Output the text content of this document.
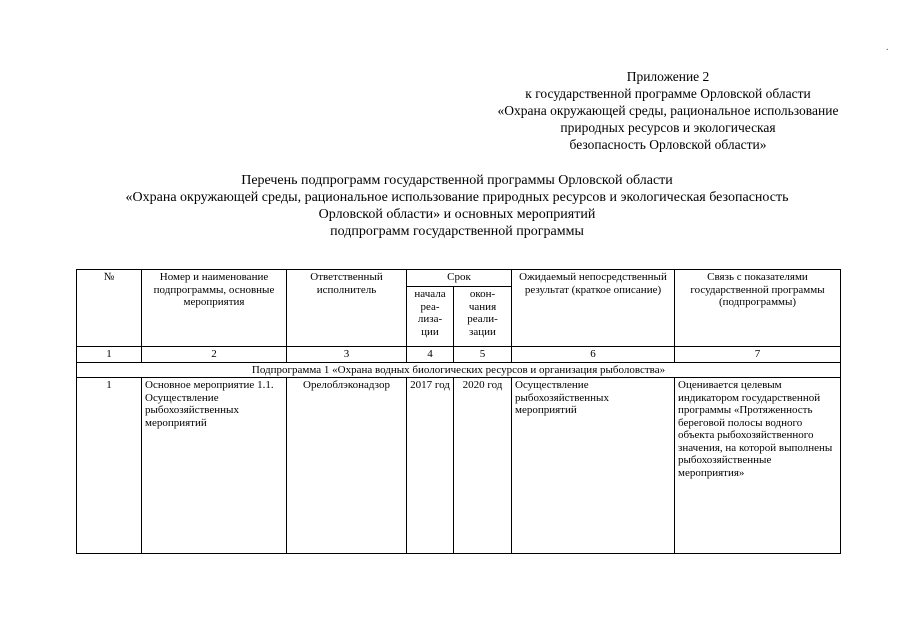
Приложение 2
к государственной программе Орловской области
«Охрана окружающей среды, рациональное использование
природных ресурсов и экологическая
безопасность Орловской области»
Перечень подпрограмм государственной программы Орловской области
«Охрана окружающей среды, рациональное использование природных ресурсов и экологическая безопасность
Орловской области» и основных мероприятий
подпрограмм государственной программы
.
№	Номер и наименование подпрограммы, основные мероприятия	Ответственный исполнитель	Срок		Ожидаемый непосредственный результат (краткое описание)	Связь с показателями государственной программы (подпрограммы)
			начала реа-лиза-ции	окон-чания реали-зации		
1	2	3	4	5	6	7
Подпрограмма 1 «Охрана водных биологических ресурсов и организация рыболовства»						
1	Основное мероприятие 1.1. Осуществление рыбохозяйственных мероприятий	Орелоблэконадзор	2017 год	2020 год	Осуществление рыбохозяйственных мероприятий	Оценивается целевым индикатором государственной программы «Протяженность береговой полосы водного объекта рыбохозяйственного значения, на которой выполнены рыбохозяйственные мероприятия»
